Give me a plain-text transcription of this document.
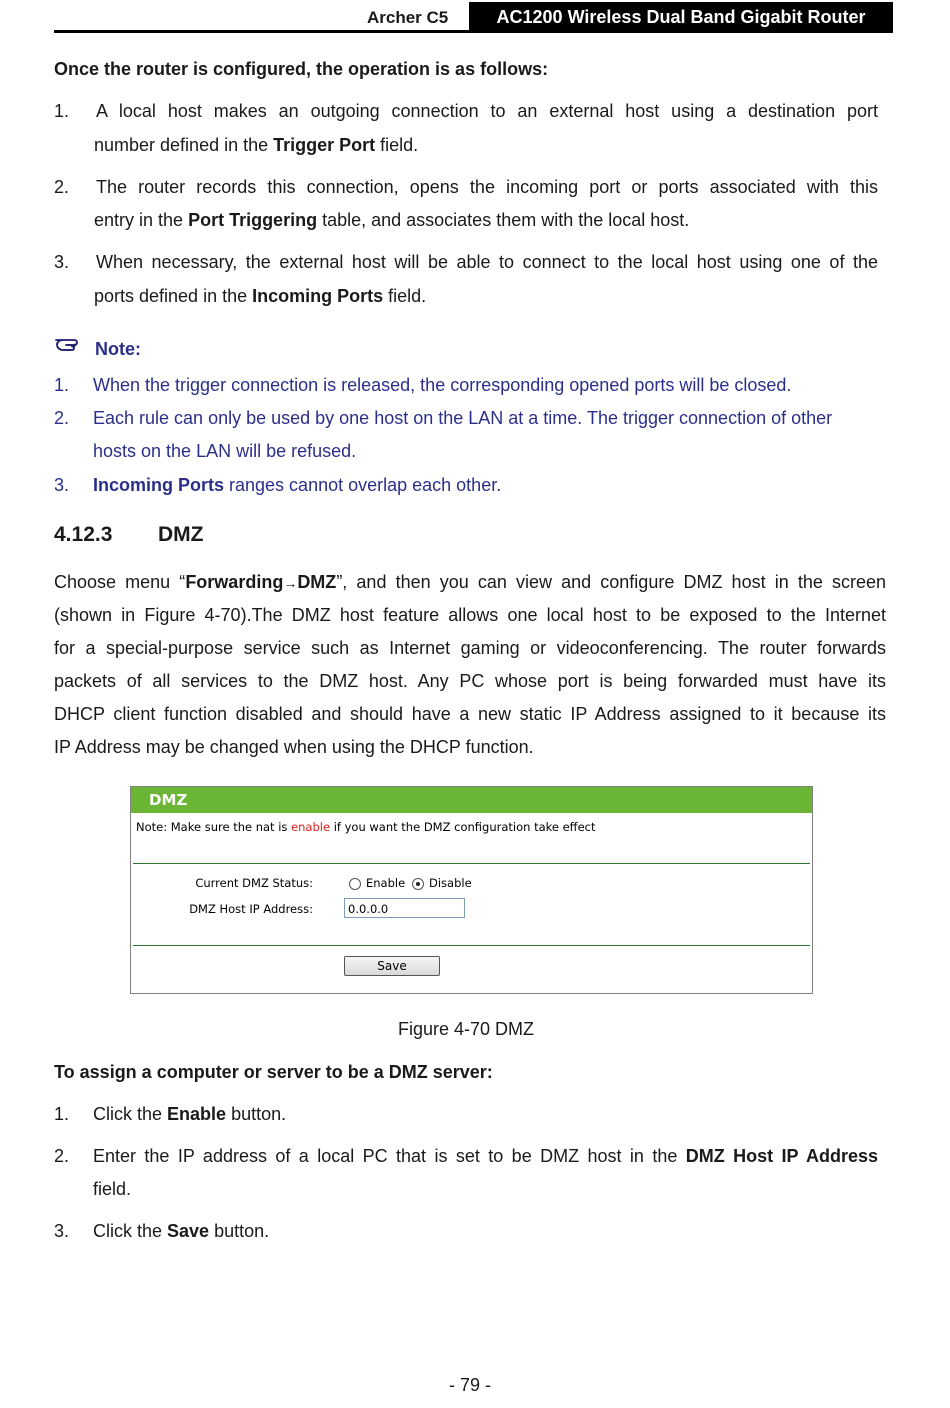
Archer C5	AC1200 Wireless Dual Band Gigabit Router
Once the router is configured, the operation is as follows:
1. A local host makes an outgoing connection to an external host using a destination port
number defined in the Trigger Port field.
2. The router records this connection, opens the incoming port or ports associated with this
entry in the Port Triggering table, and associates them with the local host.
3. When necessary, the external host will be able to connect to the local host using one of the
ports defined in the Incoming Ports field.
Note:
1. When the trigger connection is released, the corresponding opened ports will be closed.
2. Each rule can only be used by one host on the LAN at a time. The trigger connection of other
hosts on the LAN will be refused.
3. Incoming Ports ranges cannot overlap each other.
4.12.3 DMZ
Choose menu “Forwarding→DMZ”, and then you can view and configure DMZ host in the screen
(shown in Figure 4-70).The DMZ host feature allows one local host to be exposed to the Internet
for a special-purpose service such as Internet gaming or videoconferencing. The router forwards
packets of all services to the DMZ host. Any PC whose port is being forwarded must have its
DHCP client function disabled and should have a new static IP Address assigned to it because its
IP Address may be changed when using the DHCP function.
DMZ
Note: Make sure the nat is enable if you want the DMZ configuration take effect
Current DMZ Status:	Enable Disable
DMZ Host IP Address:	0.0.0.0
Save
Figure 4-70 DMZ
To assign a computer or server to be a DMZ server:
1. Click the Enable button.
2. Enter the IP address of a local PC that is set to be DMZ host in the DMZ Host IP Address
field.
3. Click the Save button.
- 79 -
